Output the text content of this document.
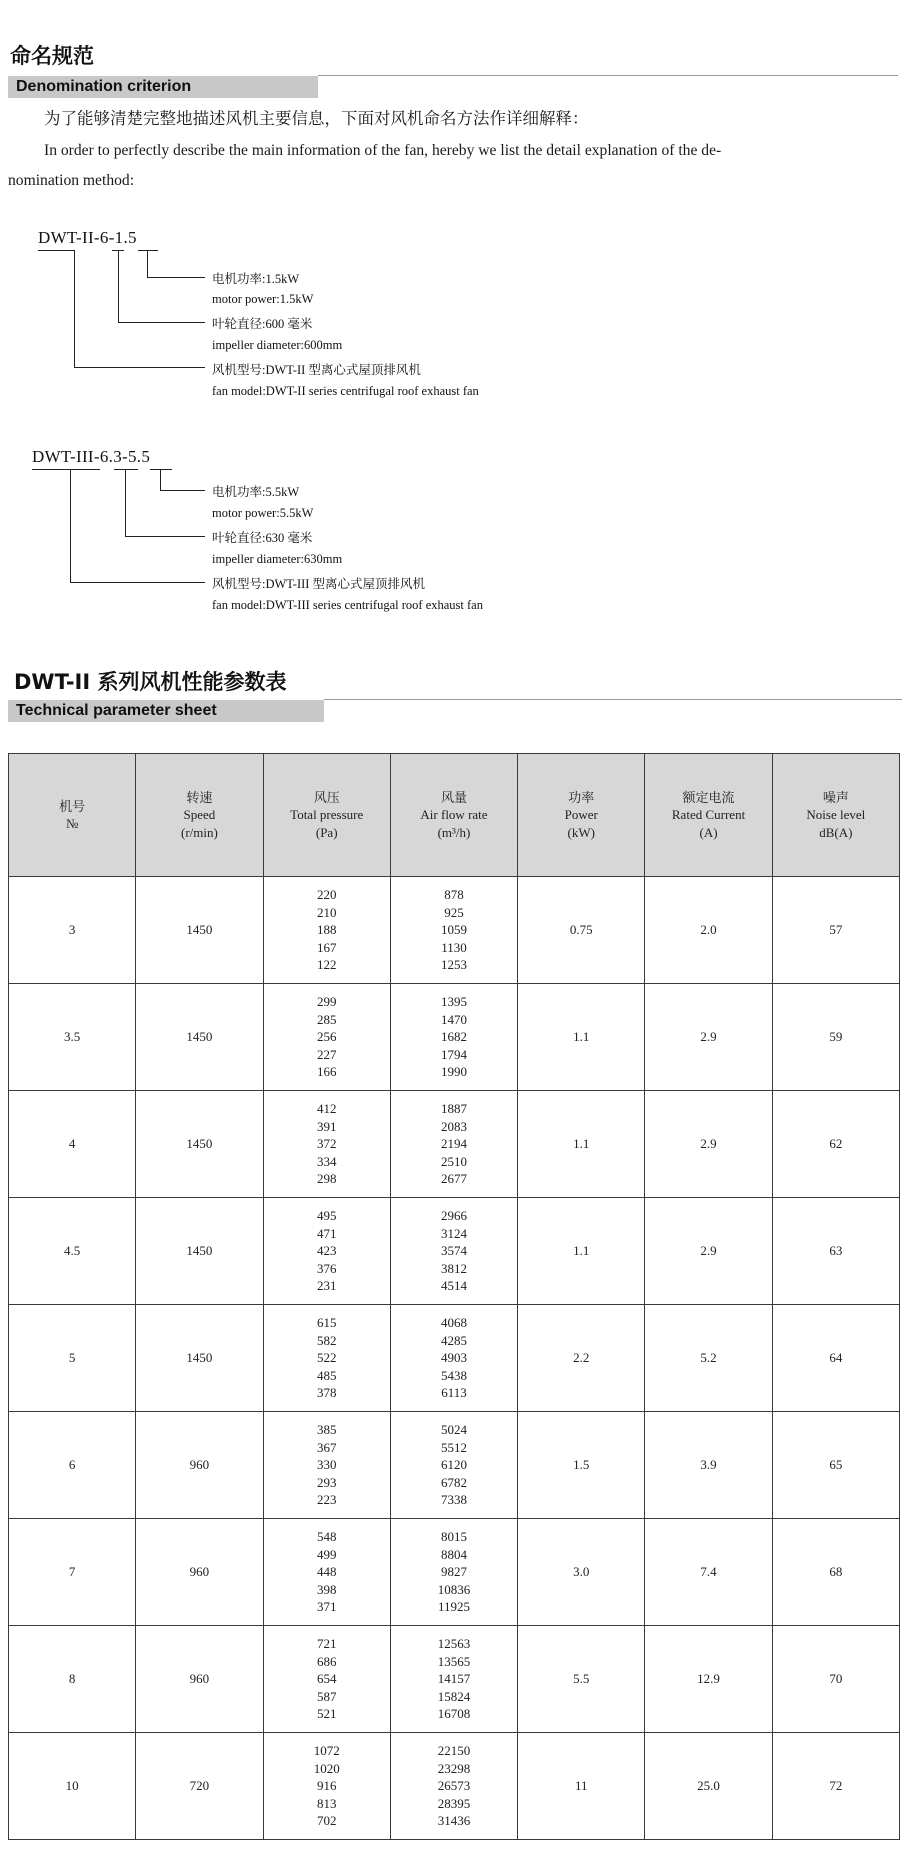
命名规范
Denomination criterion
为了能够清楚完整地描述风机主要信息，下面对风机命名方法作详细解释：
In order to perfectly describe the main information of the fan, hereby we list the detail explanation of the de-
nomination method:
DWT-II-6-1.5
电机功率:1.5kW
motor power:1.5kW
叶轮直径:600 毫米
impeller diameter:600mm
风机型号:DWT-II 型离心式屋顶排风机
fan model:DWT-II series centrifugal roof exhaust fan
DWT-III-6.3-5.5
电机功率:5.5kW
motor power:5.5kW
叶轮直径:630 毫米
impeller diameter:630mm
风机型号:DWT-III 型离心式屋顶排风机
fan model:DWT-III series centrifugal roof exhaust fan
DWT-II 系列风机性能参数表
Technical parameter sheet
机号
№	转速
Speed
(r/min)	风压
Total pressure
(Pa)	风量
Air flow rate
(m³/h)	功率
Power
(kW)	额定电流
Rated Current
(A)	噪声
Noise level
dB(A)

3	1450	220
210
188
167
122	878
925
1059
1130
1253	0.75	2.0	57
3.5	1450	299
285
256
227
166	1395
1470
1682
1794
1990	1.1	2.9	59
4	1450	412
391
372
334
298	1887
2083
2194
2510
2677	1.1	2.9	62
4.5	1450	495
471
423
376
231	2966
3124
3574
3812
4514	1.1	2.9	63
5	1450	615
582
522
485
378	4068
4285
4903
5438
6113	2.2	5.2	64
6	960	385
367
330
293
223	5024
5512
6120
6782
7338	1.5	3.9	65
7	960	548
499
448
398
371	8015
8804
9827
10836
11925	3.0	7.4	68
8	960	721
686
654
587
521	12563
13565
14157
15824
16708	5.5	12.9	70
10	720	1072
1020
916
813
702	22150
23298
26573
28395
31436	11	25.0	72
